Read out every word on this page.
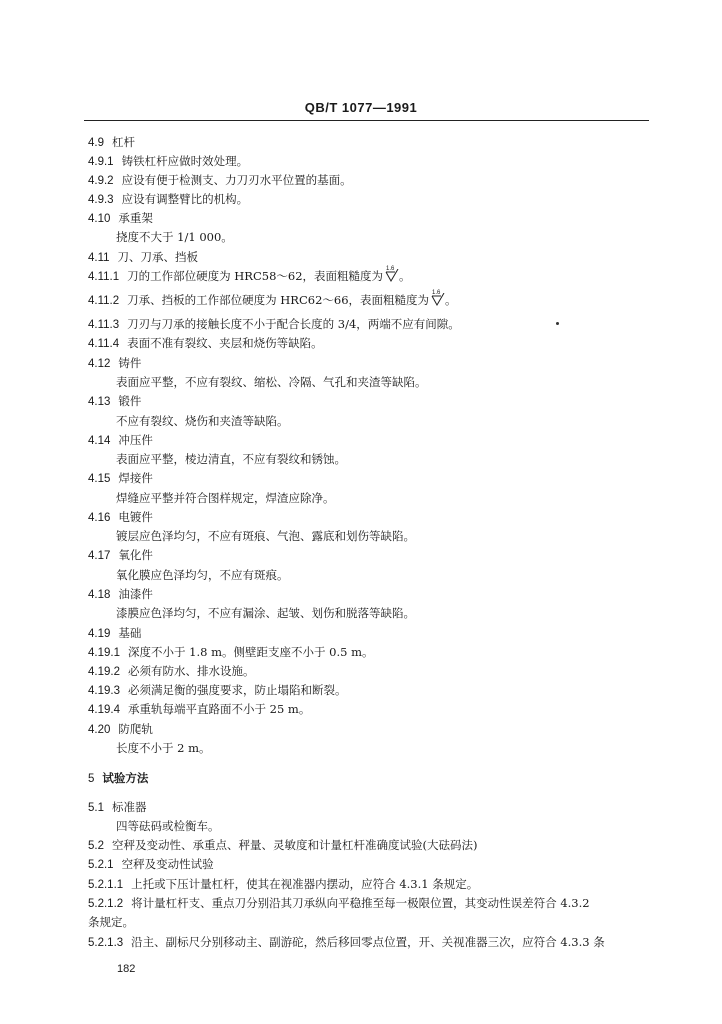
QB/T 1077—1991
4.9 杠杆
4.9.1 铸铁杠杆应做时效处理。
4.9.2 应设有便于检测支、力刀刃水平位置的基面。
4.9.3 应设有调整臂比的机构。
4.10 承重架
挠度不大于 1/1 000。
4.11 刀、刀承、挡板
4.11.1 刀的工作部位硬度为 HRC58～62，表面粗糙度为 1.6 。
4.11.2 刀承、挡板的工作部位硬度为 HRC62～66，表面粗糙度为 1.6 。
4.11.3 刀刃与刀承的接触长度不小于配合长度的 3/4，两端不应有间隙。
4.11.4 表面不准有裂纹、夹层和烧伤等缺陷。
4.12 铸件
表面应平整，不应有裂纹、缩松、冷隔、气孔和夹渣等缺陷。
4.13 锻件
不应有裂纹、烧伤和夹渣等缺陷。
4.14 冲压件
表面应平整，棱边清直，不应有裂纹和锈蚀。
4.15 焊接件
焊缝应平整并符合图样规定，焊渣应除净。
4.16 电镀件
镀层应色泽均匀，不应有斑痕、气泡、露底和划伤等缺陷。
4.17 氧化件
氧化膜应色泽均匀，不应有斑痕。
4.18 油漆件
漆膜应色泽均匀，不应有漏涂、起皱、划伤和脱落等缺陷。
4.19 基础
4.19.1 深度不小于 1.8 m。侧壁距支座不小于 0.5 m。
4.19.2 必须有防水、排水设施。
4.19.3 必须满足衡的强度要求，防止塌陷和断裂。
4.19.4 承重轨每端平直路面不小于 25 m。
4.20 防爬轨
长度不小于 2 m。
5 试验方法
5.1 标准器
四等砝码或检衡车。
5.2 空秤及变动性、承重点、秤量、灵敏度和计量杠杆准确度试验(大砝码法)
5.2.1 空秤及变动性试验
5.2.1.1 上托或下压计量杠杆，使其在视准器内摆动，应符合 4.3.1 条规定。
5.2.1.2 将计量杠杆支、重点刀分别沿其刀承纵向平稳推至每一极限位置，其变动性误差符合 4.3.2
条规定。
5.2.1.3 沿主、副标尺分别移动主、副游砣，然后移回零点位置，开、关视准器三次，应符合 4.3.3 条
182
